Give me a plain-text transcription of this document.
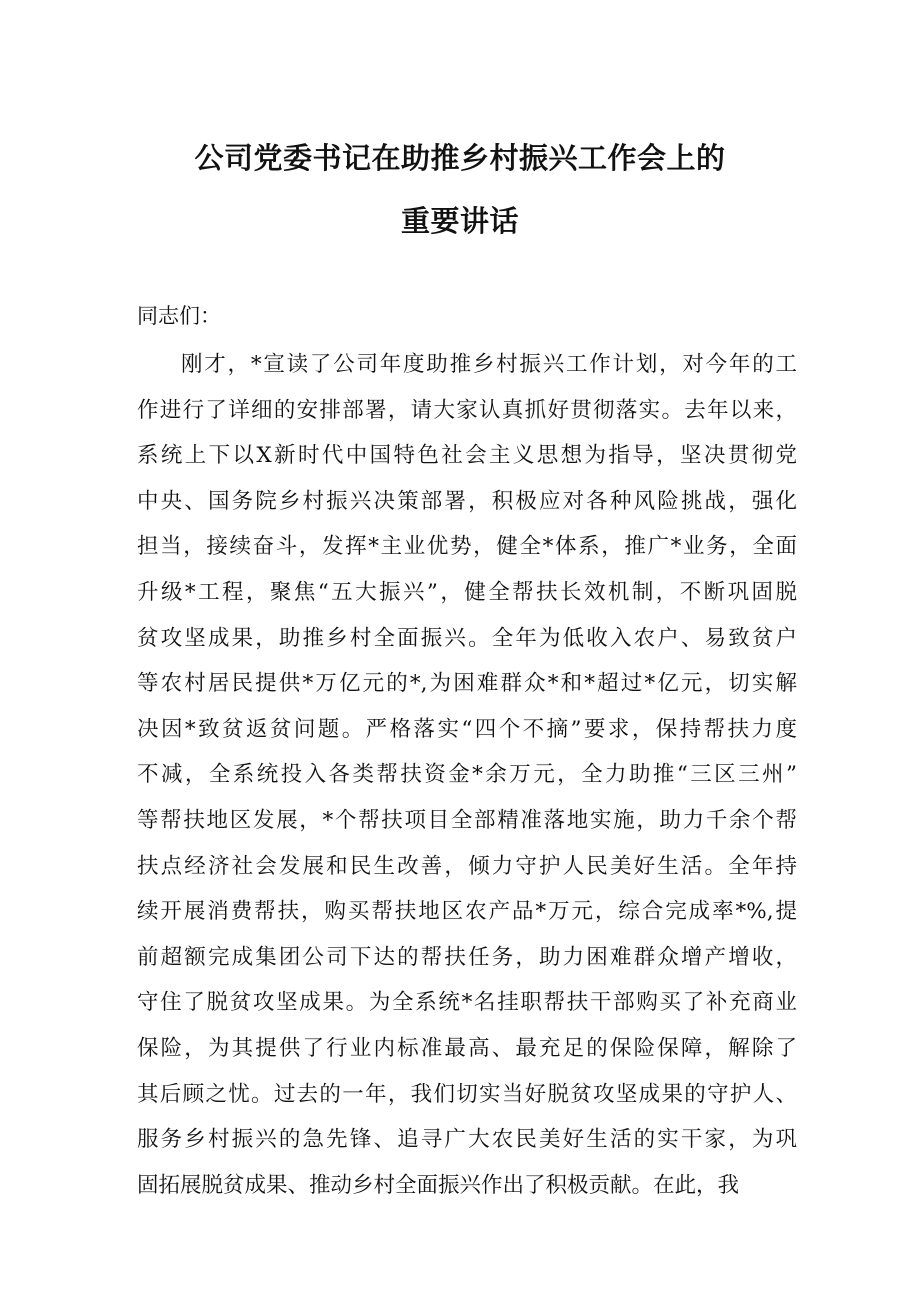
公司党委书记在助推乡村振兴工作会上的
重要讲话
同志们：
刚才，*宣读了公司年度助推乡村振兴工作计划，对今年的工
作进行了详细的安排部署，请大家认真抓好贯彻落实。去年以来，
系统上下以X新时代中国特色社会主义思想为指导，坚决贯彻党
中央、国务院乡村振兴决策部署，积极应对各种风险挑战，强化
担当，接续奋斗，发挥*主业优势，健全*体系，推广*业务，全面
升级*工程，聚焦“五大振兴”，健全帮扶长效机制，不断巩固脱
贫攻坚成果，助推乡村全面振兴。全年为低收入农户、易致贫户
等农村居民提供*万亿元的*,为困难群众*和*超过*亿元，切实解
决因*致贫返贫问题。严格落实“四个不摘”要求，保持帮扶力度
不减，全系统投入各类帮扶资金*余万元，全力助推“三区三州”
等帮扶地区发展，*个帮扶项目全部精准落地实施，助力千余个帮
扶点经济社会发展和民生改善，倾力守护人民美好生活。全年持
续开展消费帮扶，购买帮扶地区农产品*万元，综合完成率*%,提
前超额完成集团公司下达的帮扶任务，助力困难群众增产增收，
守住了脱贫攻坚成果。为全系统*名挂职帮扶干部购买了补充商业
保险，为其提供了行业内标准最高、最充足的保险保障，解除了
其后顾之忧。过去的一年，我们切实当好脱贫攻坚成果的守护人、
服务乡村振兴的急先锋、追寻广大农民美好生活的实干家，为巩
固拓展脱贫成果、推动乡村全面振兴作出了积极贡献。在此，我
